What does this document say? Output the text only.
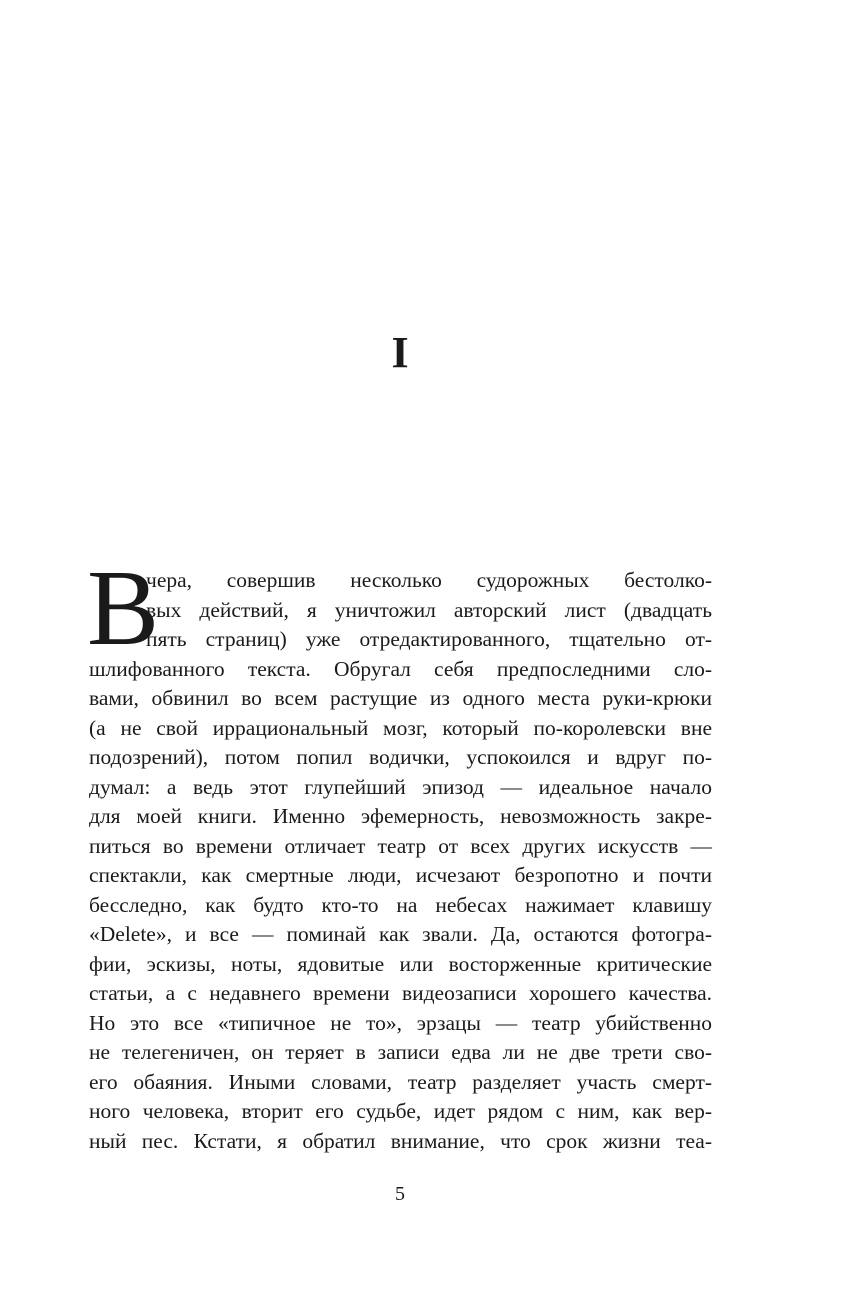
I
В
чера, совершив несколько судорожных бестолко-
вых действий, я уничтожил авторский лист (двадцать
пять страниц) уже отредактированного, тщательно от-
шлифованного текста. Обругал себя предпоследними сло-
вами, обвинил во всем растущие из одного места руки-крюки
(а не свой иррациональный мозг, который по-королевски вне
подозрений), потом попил водички, успокоился и вдруг по-
думал: а ведь этот глупейший эпизод — идеальное начало
для моей книги. Именно эфемерность, невозможность закре-
питься во времени отличает театр от всех других искусств —
спектакли, как смертные люди, исчезают безропотно и почти
бесследно, как будто кто-то на небесах нажимает клавишу
«Delete», и все — поминай как звали. Да, остаются фотогра-
фии, эскизы, ноты, ядовитые или восторженные критические
статьи, а с недавнего времени видеозаписи хорошего качества.
Но это все «типичное не то», эрзацы — театр убийственно
не телегеничен, он теряет в записи едва ли не две трети сво-
его обаяния. Иными словами, театр разделяет участь смерт-
ного человека, вторит его судьбе, идет рядом с ним, как вер-
ный пес. Кстати, я обратил внимание, что срок жизни теа-
5
